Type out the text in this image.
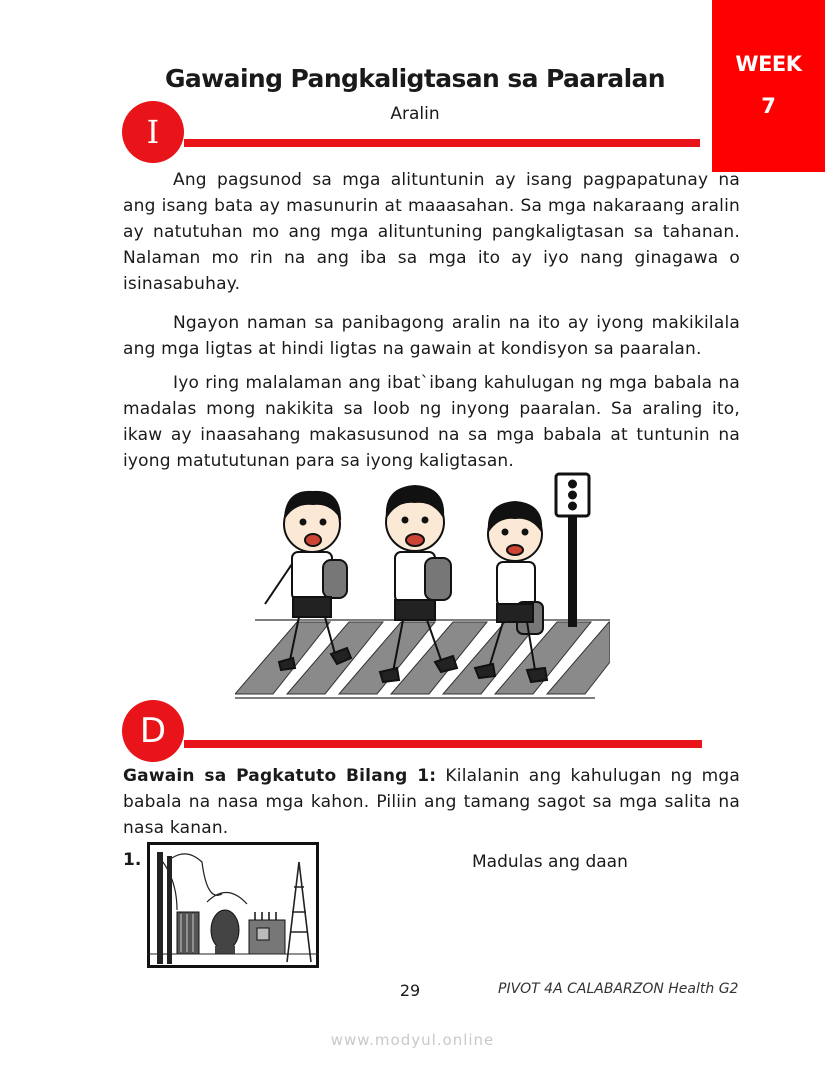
WEEK
7
Gawaing Pangkaligtasan sa Paaralan
Aralin
I
Ang pagsunod sa mga alituntunin ay isang pagpapatunay na ang isang bata ay masunurin at maaasahan. Sa mga nakaraang aralin ay natutuhan mo ang mga alituntuning pangkaligtasan sa tahanan. Nalaman mo rin na ang iba sa mga ito ay iyo nang ginagawa o isinasabuhay.
Ngayon naman sa panibagong aralin na ito ay iyong makikilala ang mga ligtas at hindi ligtas na gawain at kondisyon sa paaralan.
Iyo ring malalaman ang ibat`ibang kahulugan ng mga babala na madalas mong nakikita sa loob ng inyong paaralan. Sa araling ito, ikaw ay inaasahang makasusunod na sa mga babala at tuntunin na iyong matututunan para sa iyong kaligtasan.
D
Gawain sa Pagkatuto Bilang 1: Kilalanin ang kahulugan ng mga babala na nasa mga kahon. Piliin ang tamang sagot sa mga salita na nasa kanan.
1.	Madulas ang daan
29	PIVOT 4A CALABARZON Health G2
www.modyul.online
